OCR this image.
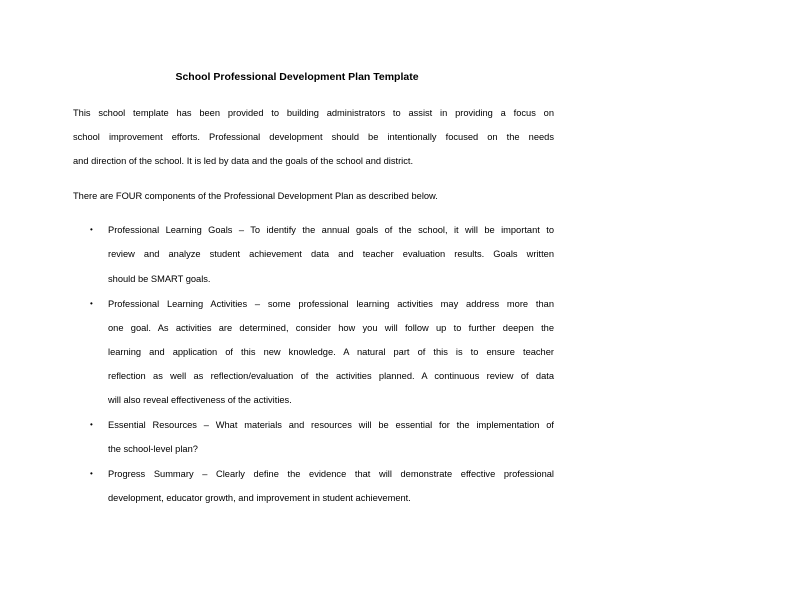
School Professional Development Plan Template
This school template has been provided to building administrators to assist in providing a focus on
school improvement efforts. Professional development should be intentionally focused on the needs
and direction of the school. It is led by data and the goals of the school and district.
There are FOUR components of the Professional Development Plan as described below.
• Professional Learning Goals – To identify the annual goals of the school, it will be important to
review and analyze student achievement data and teacher evaluation results. Goals written
should be SMART goals.
• Professional Learning Activities – some professional learning activities may address more than
one goal. As activities are determined, consider how you will follow up to further deepen the
learning and application of this new knowledge. A natural part of this is to ensure teacher
reflection as well as reflection/evaluation of the activities planned. A continuous review of data
will also reveal effectiveness of the activities.
• Essential Resources – What materials and resources will be essential for the implementation of
the school-level plan?
• Progress Summary – Clearly define the evidence that will demonstrate effective professional
development, educator growth, and improvement in student achievement.
